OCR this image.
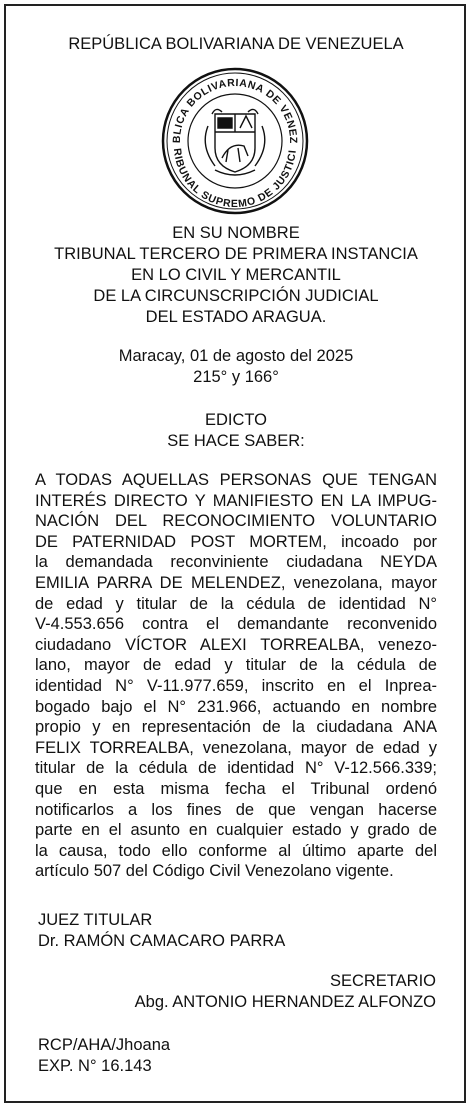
REPÚBLICA BOLIVARIANA DE VENEZUELA
BLICA BOLIVARIANA DE VENEZ
RIBUNAL SUPREMO DE JUSTICI
EN SU NOMBRE
TRIBUNAL TERCERO DE PRIMERA INSTANCIA
EN LO CIVIL Y MERCANTIL
DE LA CIRCUNSCRIPCIÓN JUDICIAL
DEL ESTADO ARAGUA.
Maracay, 01 de agosto del 2025
215° y 166°
EDICTO
SE HACE SABER:
A TODAS AQUELLAS PERSONAS QUE TENGAN
INTERÉS DIRECTO Y MANIFIESTO EN LA IMPUG-
NACIÓN DEL RECONOCIMIENTO VOLUNTARIO
DE PATERNIDAD POST MORTEM, incoado por
la demandada reconviniente ciudadana NEYDA
EMILIA PARRA DE MELENDEZ, venezolana, mayor
de edad y titular de la cédula de identidad N°
V-4.553.656 contra el demandante reconvenido
ciudadano VÍCTOR ALEXI TORREALBA, venezo-
lano, mayor de edad y titular de la cédula de
identidad N° V-11.977.659, inscrito en el Inprea-
bogado bajo el N° 231.966, actuando en nombre
propio y en representación de la ciudadana ANA
FELIX TORREALBA, venezolana, mayor de edad y
titular de la cédula de identidad N° V-12.566.339;
que en esta misma fecha el Tribunal ordenó
notificarlos a los fines de que vengan hacerse
parte en el asunto en cualquier estado y grado de
la causa, todo ello conforme al último aparte del
artículo 507 del Código Civil Venezolano vigente.
JUEZ TITULAR
Dr. RAMÓN CAMACARO PARRA
SECRETARIO
Abg. ANTONIO HERNANDEZ ALFONZO
RCP/AHA/Jhoana
EXP. N° 16.143
